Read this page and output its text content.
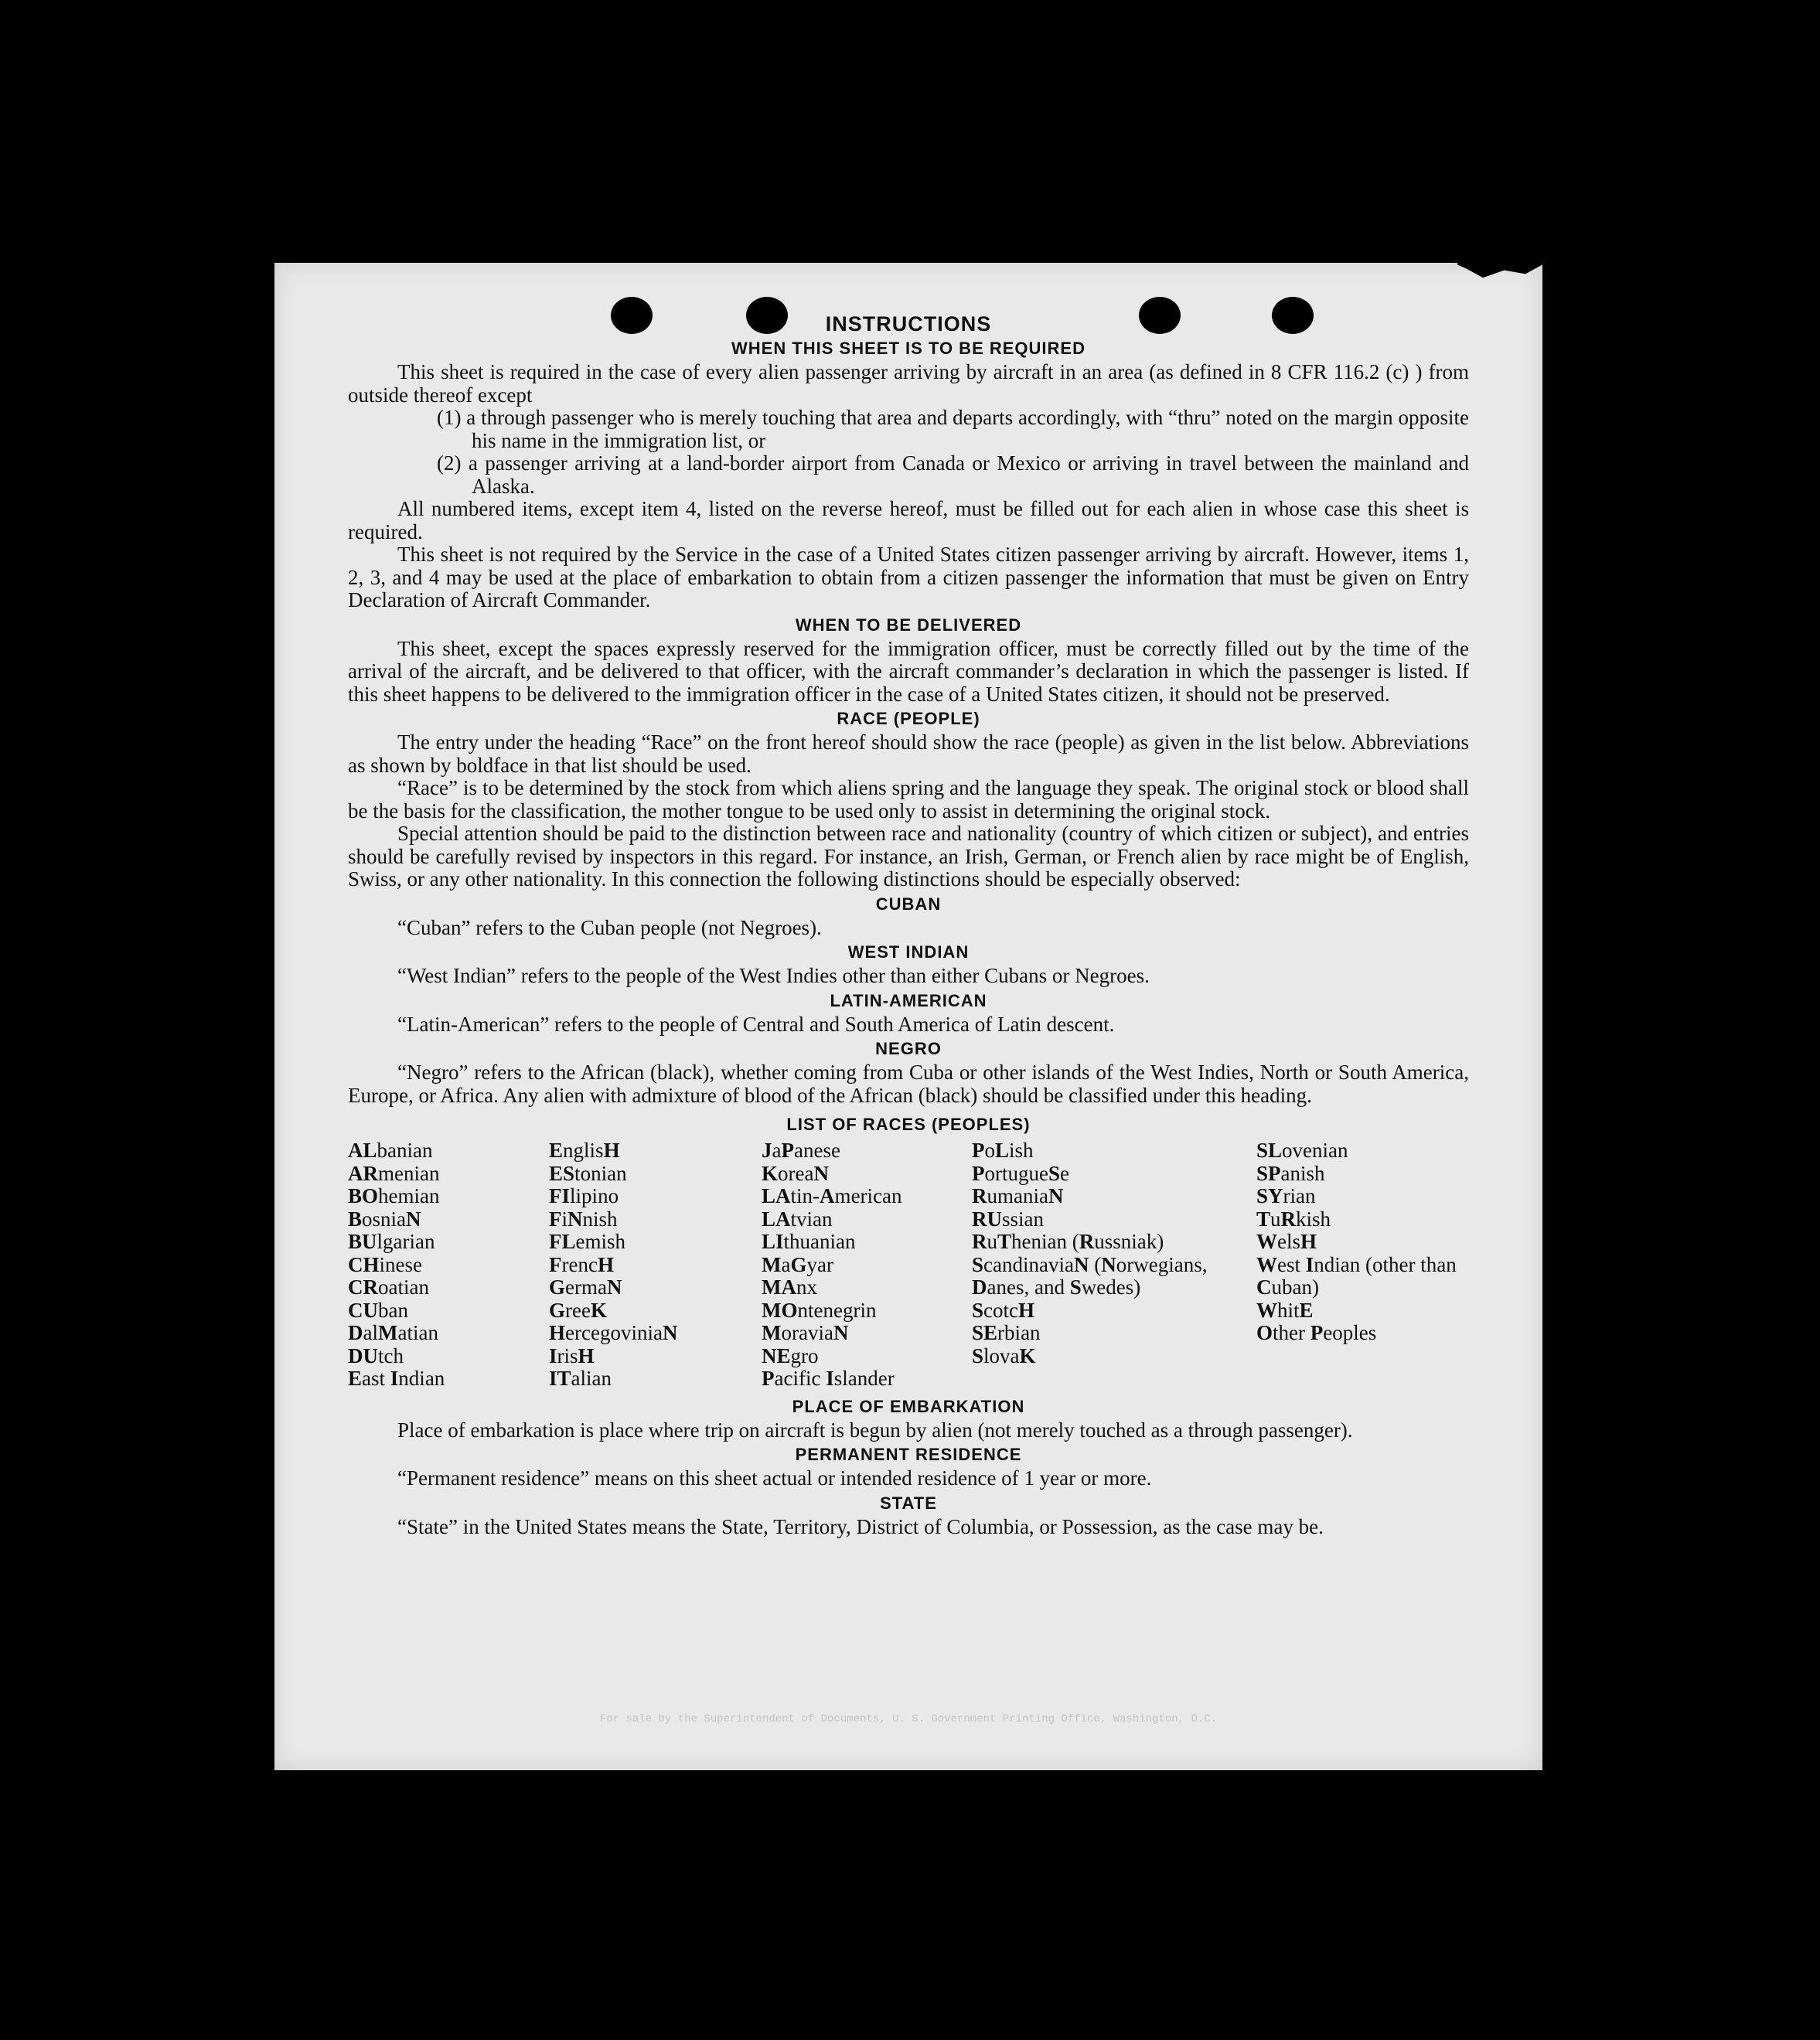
INSTRUCTIONS
WHEN THIS SHEET IS TO BE REQUIRED

This sheet is required in the case of every alien passenger arriving by aircraft in an area (as defined in 8 CFR 116.2 (c) ) from outside thereof except

(1) a through passenger who is merely touching that area and departs accordingly, with “thru” noted on the margin opposite his name in the immigration list, or

(2) a passenger arriving at a land-border airport from Canada or Mexico or arriving in travel between the mainland and Alaska.

All numbered items, except item 4, listed on the reverse hereof, must be filled out for each alien in whose case this sheet is required.

This sheet is not required by the Service in the case of a United States citizen passenger arriving by aircraft. However, items 1, 2, 3, and 4 may be used at the place of embarkation to obtain from a citizen passenger the information that must be given on Entry Declaration of Aircraft Commander.

WHEN TO BE DELIVERED

This sheet, except the spaces expressly reserved for the immigration officer, must be correctly filled out by the time of the arrival of the aircraft, and be delivered to that officer, with the aircraft commander’s declaration in which the passenger is listed. If this sheet happens to be delivered to the immigration officer in the case of a United States citizen, it should not be preserved.

RACE (PEOPLE)

The entry under the heading “Race” on the front hereof should show the race (people) as given in the list below. Abbreviations as shown by boldface in that list should be used.

“Race” is to be determined by the stock from which aliens spring and the language they speak. The original stock or blood shall be the basis for the classification, the mother tongue to be used only to assist in determining the original stock.

Special attention should be paid to the distinction between race and nationality (country of which citizen or subject), and entries should be carefully revised by inspectors in this regard. For instance, an Irish, German, or French alien by race might be of English, Swiss, or any other nationality. In this connection the following distinctions should be especially observed:

CUBAN

“Cuban” refers to the Cuban people (not Negroes).

WEST INDIAN

“West Indian” refers to the people of the West Indies other than either Cubans or Negroes.

LATIN-AMERICAN

“Latin-American” refers to the people of Central and South America of Latin descent.

NEGRO

“Negro” refers to the African (black), whether coming from Cuba or other islands of the West Indies, North or South America, Europe, or Africa. Any alien with admixture of blood of the African (black) should be classified under this heading.

LIST OF RACES (PEOPLES)
ALbanian
ARmenian
BOhemian
BosniaN
BUlgarian
CHinese
CRoatian
CUban
DalMatian
DUtch
East Indian
EnglisH
EStonian
FIlipino
FiNnish
FLemish
FrencH
GermaN
GreeK
HercegoviniaN
IrisH
ITalian
JaPanese
KoreaN
LAtin-American
LAtvian
LIthuanian
MaGyar
MAnx
MOntenegrin
MoraviaN
NEgro
Pacific Islander
PoLish
PortugueSe
RumaniaN
RUssian
RuThenian (Russniak)
ScandinaviaN (Norwegians, Danes, and Swedes)
ScotcH
SErbian
SlovaK
SLovenian
SPanish
SYrian
TuRkish
WelsH
West Indian (other than Cuban)
WhitE
Other Peoples
PLACE OF EMBARKATION

Place of embarkation is place where trip on aircraft is begun by alien (not merely touched as a through passenger).

PERMANENT RESIDENCE

“Permanent residence” means on this sheet actual or intended residence of 1 year or more.

STATE

“State” in the United States means the State, Territory, District of Columbia, or Possession, as the case may be.

For sale by the Superintendent of Documents, U. S. Government Printing Office, Washington, D.C.
